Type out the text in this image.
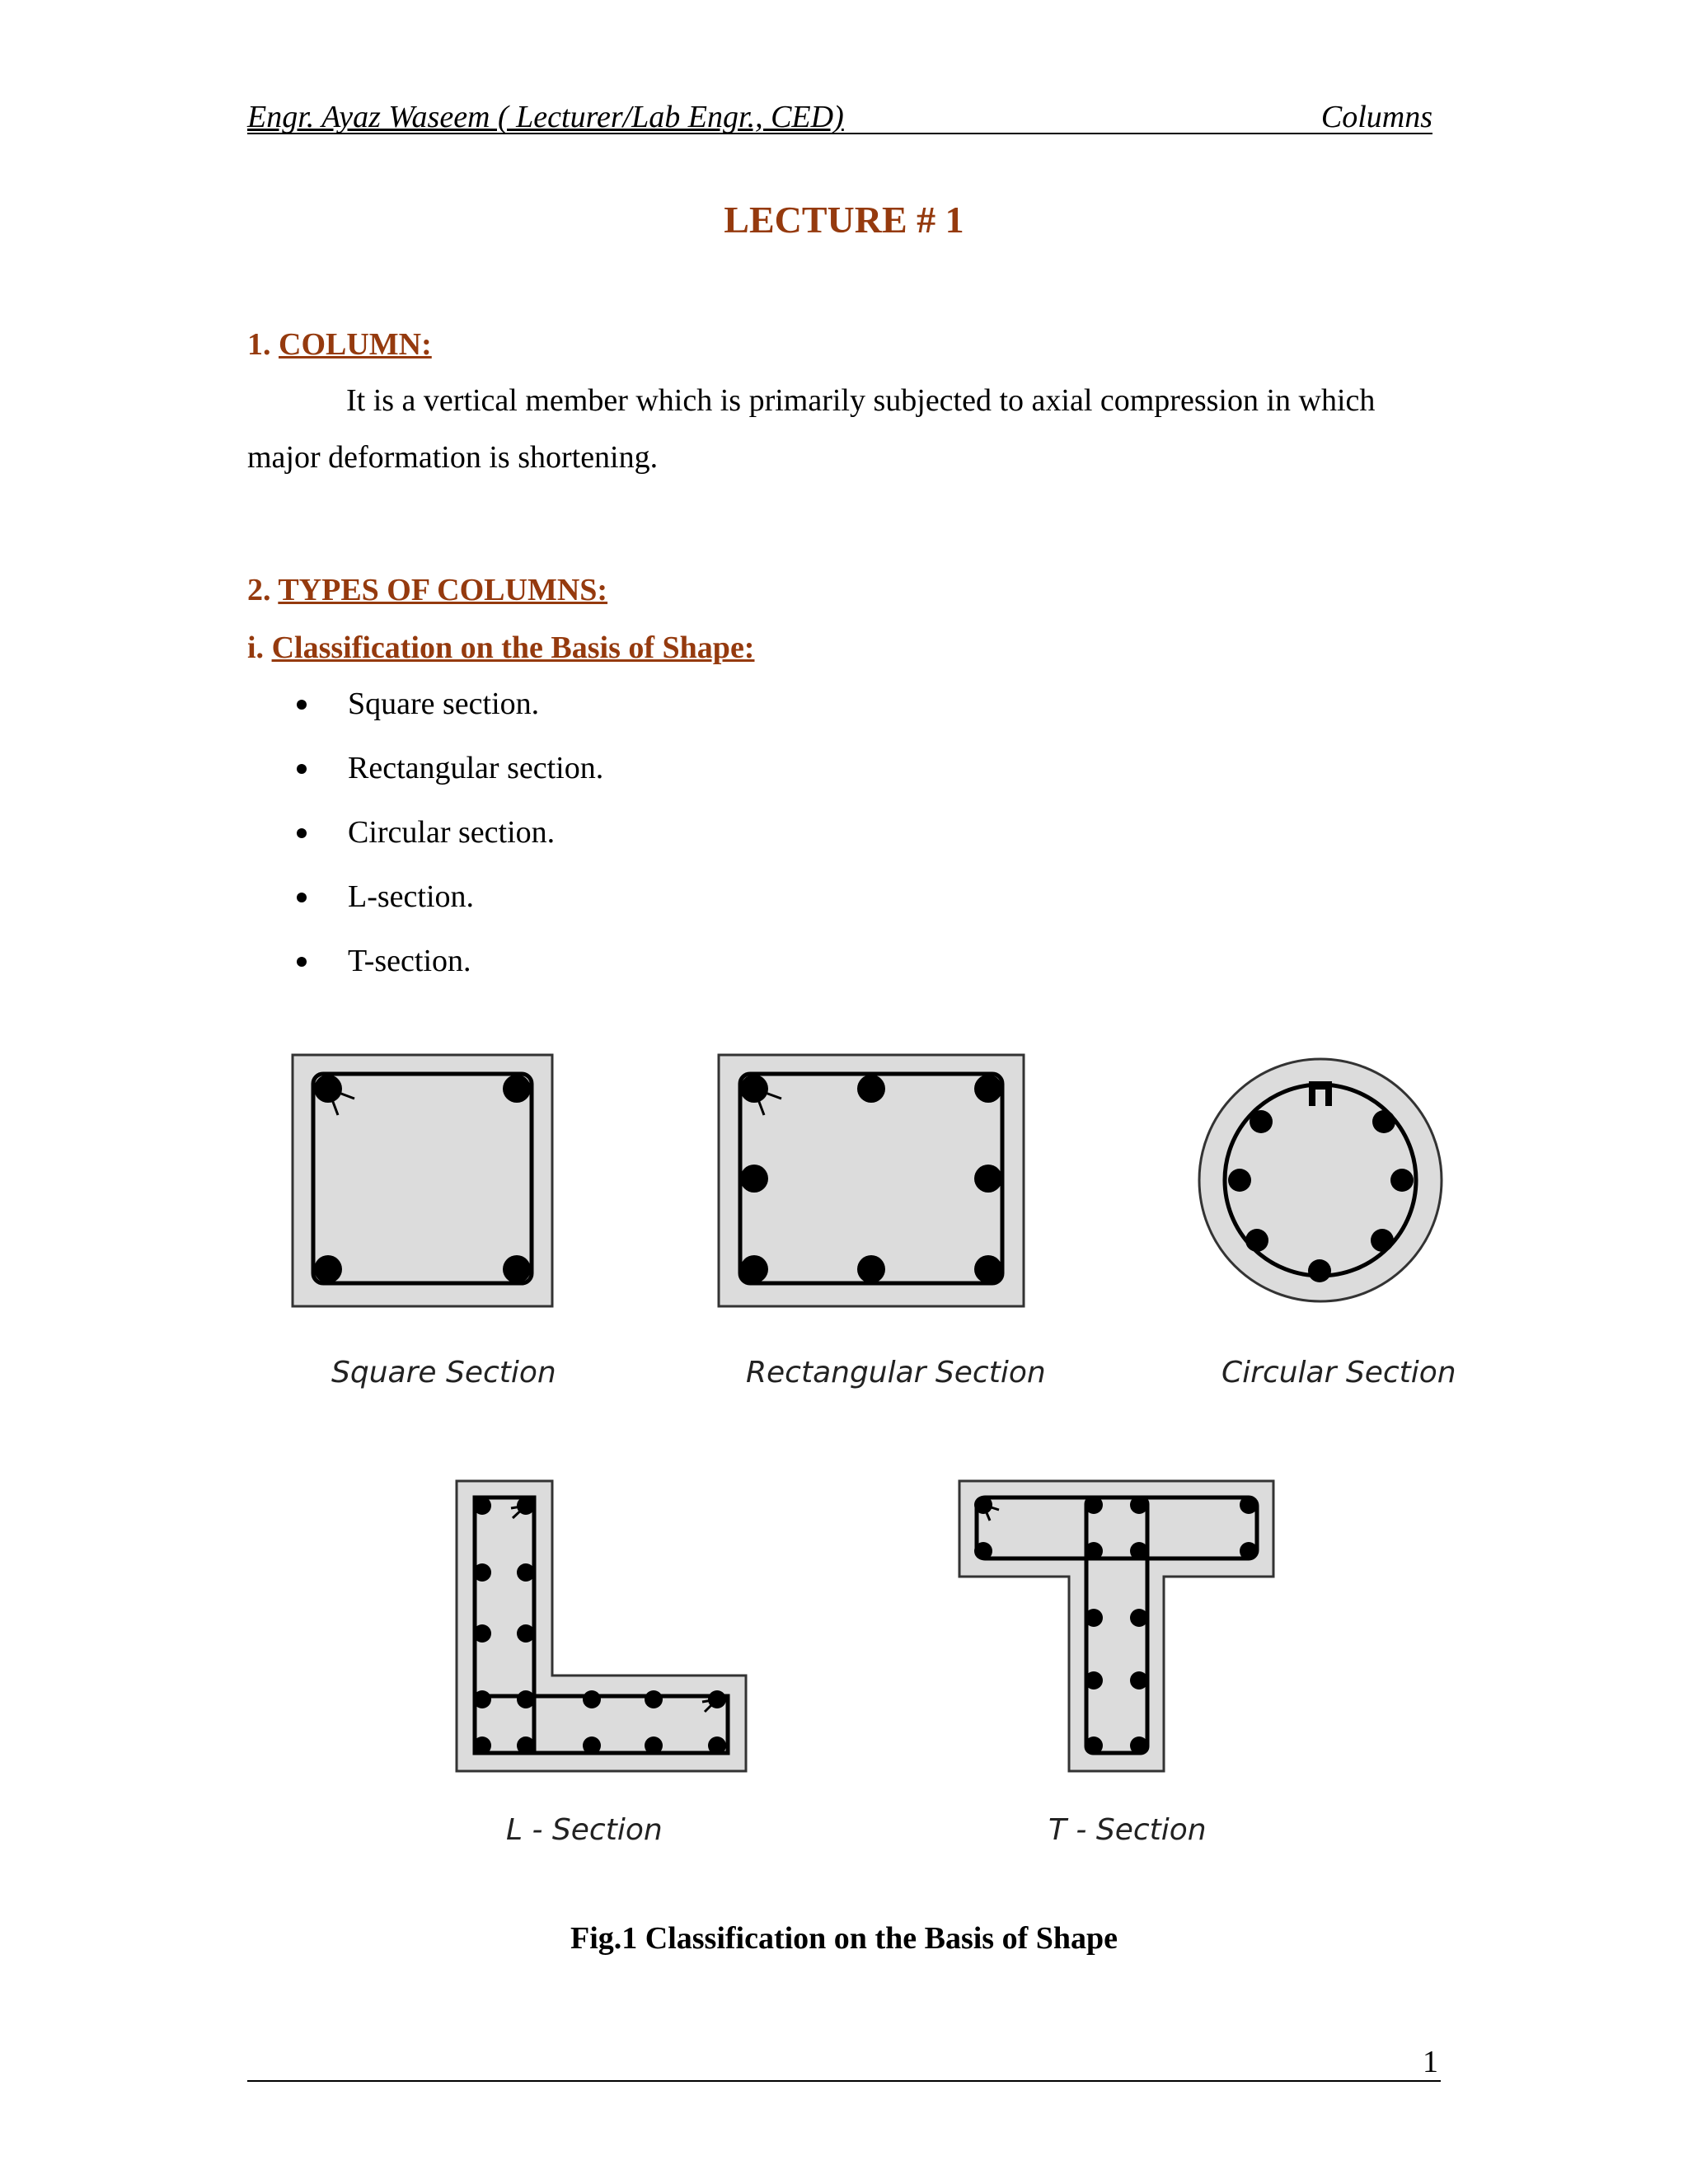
Engr. Ayaz Waseem ( Lecturer/Lab Engr., CED)	Columns
LECTURE # 1
1. COLUMN:
It is a vertical member which is primarily subjected to axial compression in which major deformation is shortening.
2. TYPES OF COLUMNS:
i. Classification on the Basis of Shape:
Square section.
Rectangular section.
Circular section.
L-section.
T-section.
Square Section	Rectangular Section	Circular Section
L - Section	T - Section
Fig.1 Classification on the Basis of Shape
1
